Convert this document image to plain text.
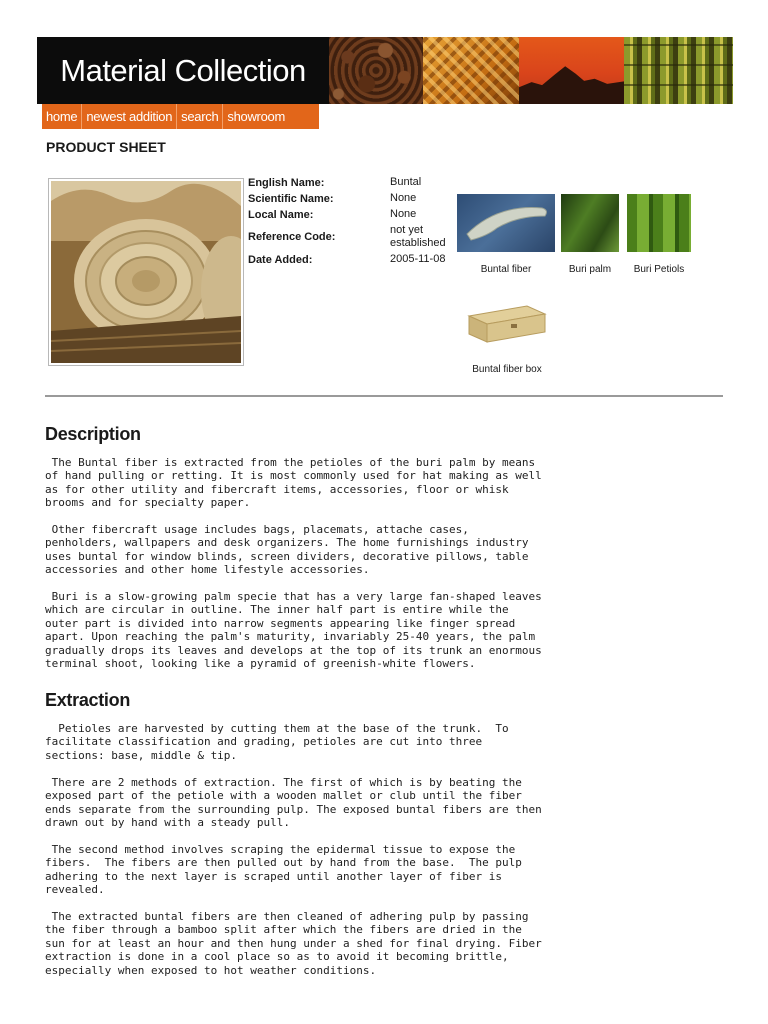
Material Collection
home newest addition search showroom
PRODUCT SHEET
English Name:	Buntal
Scientific Name:	None
Local Name:	None
Reference Code:
not yet established
Date Added:	2005-11-08
Buntal fiber	Buri palm	Buri Petiols
Buntal fiber box
Description

The Buntal fiber is extracted from the petioles of the buri palm by means
of hand pulling or retting. It is most commonly used for hat making as well
as for other utility and fibercraft items, accessories, floor or whisk
brooms and for specialty paper.

Other fibercraft usage includes bags, placemats, attache cases,
penholders, wallpapers and desk organizers. The home furnishings industry
uses buntal for window blinds, screen dividers, decorative pillows, table
accessories and other home lifestyle accessories.

Buri is a slow-growing palm specie that has a very large fan-shaped leaves
which are circular in outline. The inner half part is entire while the
outer part is divided into narrow segments appearing like finger spread
apart. Upon reaching the palm's maturity, invariably 25-40 years, the palm
gradually drops its leaves and develops at the top of its trunk an enormous
terminal shoot, looking like a pyramid of greenish-white flowers.

Extraction

Petioles are harvested by cutting them at the base of the trunk.  To
facilitate classification and grading, petioles are cut into three
sections: base, middle & tip.

There are 2 methods of extraction. The first of which is by beating the
exposed part of the petiole with a wooden mallet or club until the fiber
ends separate from the surrounding pulp. The exposed buntal fibers are then
drawn out by hand with a steady pull.

The second method involves scraping the epidermal tissue to expose the
fibers.  The fibers are then pulled out by hand from the base.  The pulp
adhering to the next layer is scraped until another layer of fiber is
revealed.

The extracted buntal fibers are then cleaned of adhering pulp by passing
the fiber through a bamboo split after which the fibers are dried in the
sun for at least an hour and then hung under a shed for final drying. Fiber
extraction is done in a cool place so as to avoid it becoming brittle,
especially when exposed to hot weather conditions.
